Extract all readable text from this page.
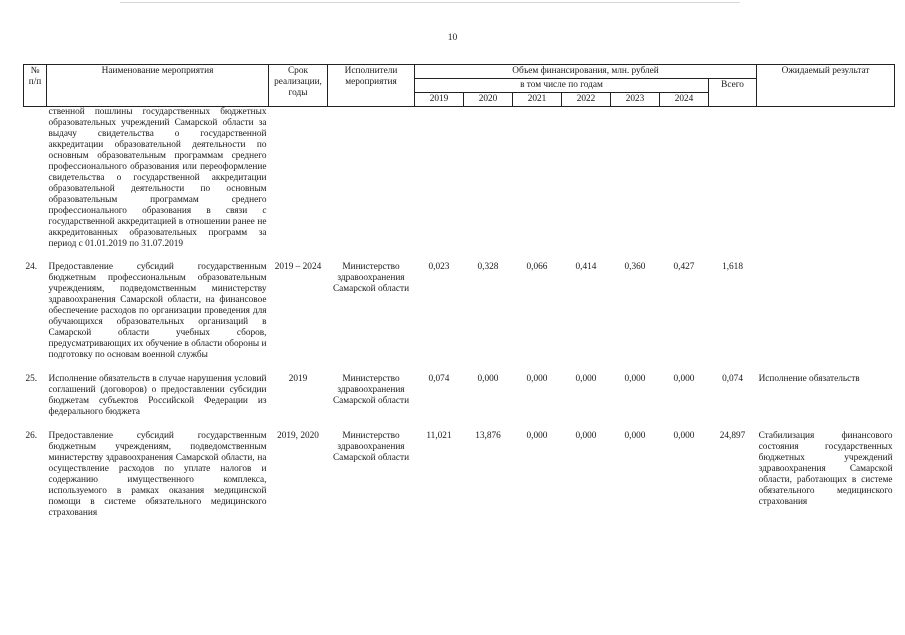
10
№ п/п	Наименование мероприятия	Срок реализации, годы	Исполнители мероприятия	Объем финансирования, млн. рублей							Ожидаемый результат
				в том числе по годам						Всего	
				2019	2020	2021	2022	2023	2024		
	ственной пошлины государственных бюджетных образовательных учреждений Самарской области за выдачу свидетельства о государственной аккредитации образовательной деятельности по основным образовательным программам среднего профессионального образования или переоформление свидетельства о государственной аккредитации образовательной деятельности по основным образовательным программам среднего профессионального образования в связи с государственной аккредитацией в отношении ранее не аккредитованных образовательных программ за период с 01.01.2019 по 31.07.2019										
24.	Предоставление субсидий государственным бюджетным профессиональным образовательным учреждениям, подведомственным министерству здравоохранения Самарской области, на финансовое обеспечение расходов по организации проведения для обучающихся образовательных организаций в Самарской области учебных сборов, предусматривающих их обучение в области обороны и подготовку по основам военной службы	2019 – 2024	Министерство здравоохранения Самарской области	0,023	0,328	0,066	0,414	0,360	0,427	1,618	
25.	Исполнение обязательств в случае нарушения условий соглашений (договоров) о предоставлении субсидии бюджетам субъектов Российской Федерации из федерального бюджета	2019	Министерство здравоохранения Самарской области	0,074	0,000	0,000	0,000	0,000	0,000	0,074	Исполнение обязательств
26.	Предоставление субсидий государственным бюджетным учреждениям, подведомственным министерству здравоохранения Самарской области, на осуществление расходов по уплате налогов и содержанию имущественного комплекса, используемого в рамках оказания медицинской помощи в системе обязательного медицинского страхования	2019, 2020	Министерство здравоохранения Самарской области	11,021	13,876	0,000	0,000	0,000	0,000	24,897	Стабилизация финансового состояния государственных бюджетных учреждений здравоохранения Самарской области, работающих в системе обязательного медицинского страхования
